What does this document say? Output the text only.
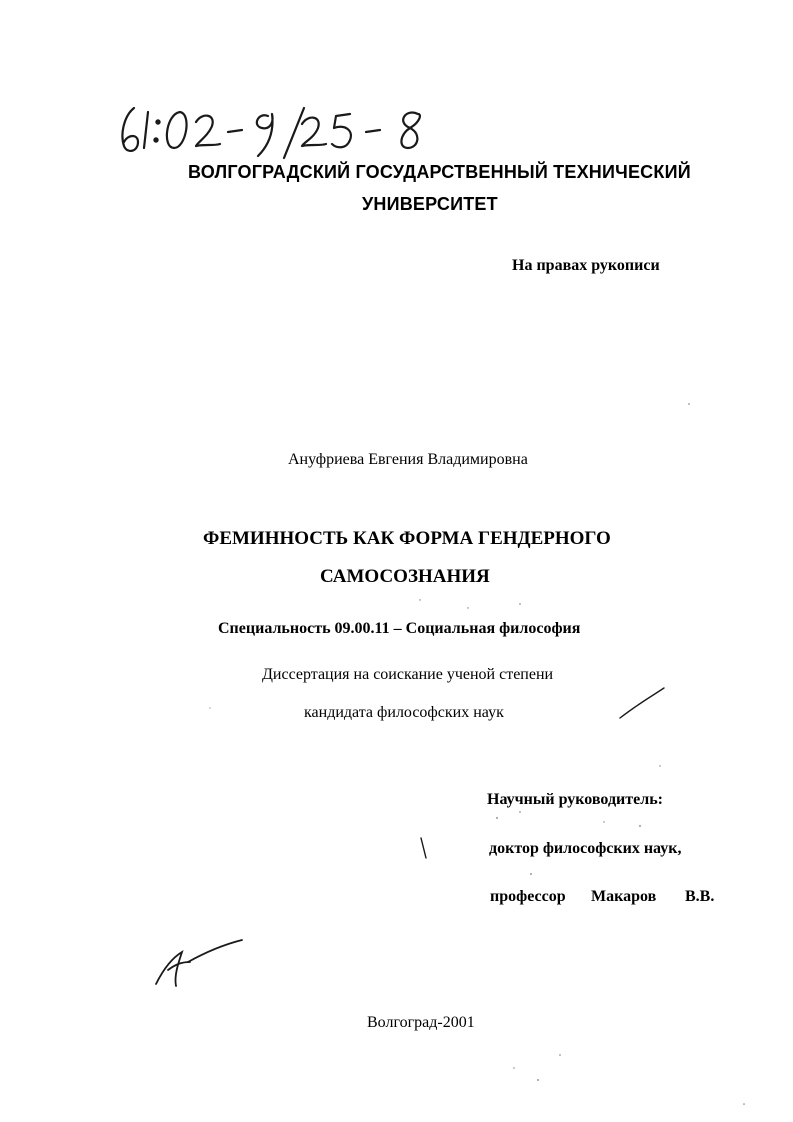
ВОЛГОГРАДСКИЙ ГОСУДАРСТВЕННЫЙ ТЕХНИЧЕСКИЙ
УНИВЕРСИТЕТ
На правах рукописи
Ануфриева Евгения Владимировна
ФЕМИННОСТЬ КАК ФОРМА ГЕНДЕРНОГО
САМОСОЗНАНИЯ
Специальность 09.00.11 – Социальная философия
Диссертация на соискание ученой степени
кандидата философских наук
Научный руководитель:
доктор философских наук,
профессор Макаров В.В.
Волгоград-2001
